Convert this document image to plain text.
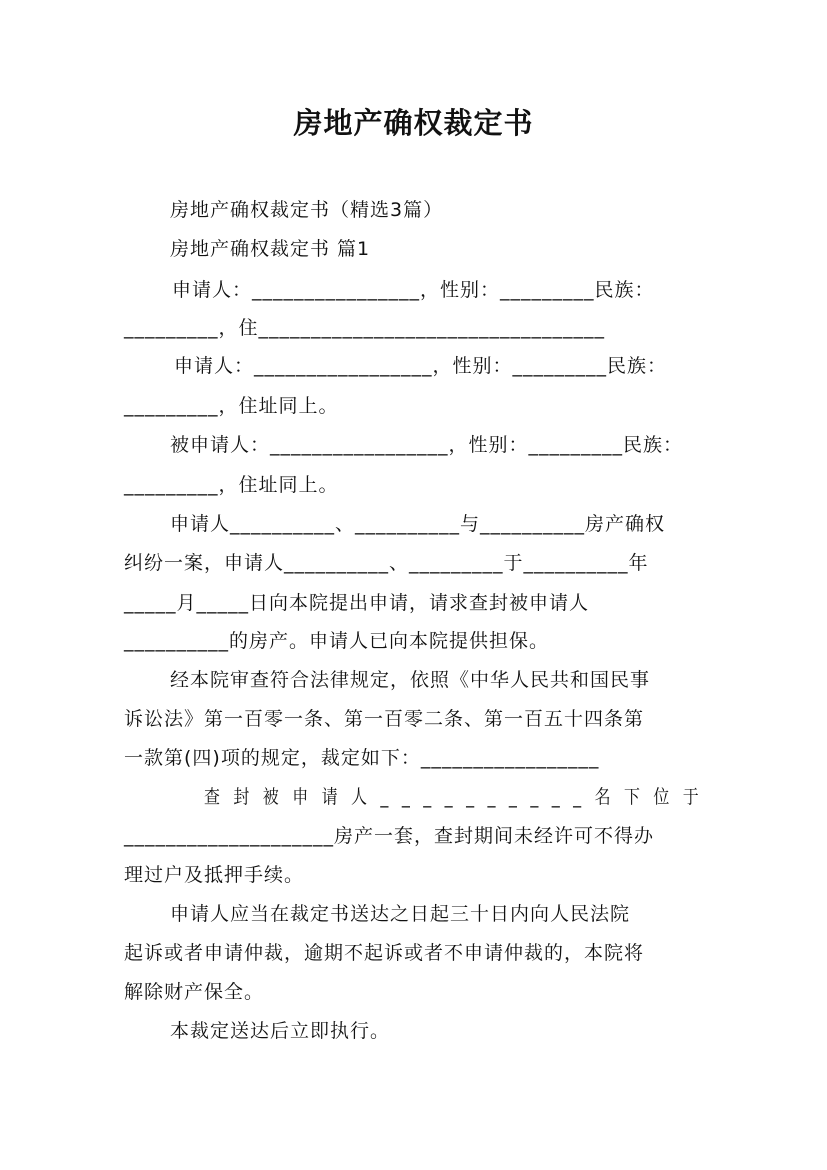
房地产确权裁定书
房地产确权裁定书（精选3篇）
房地产确权裁定书 篇1
申请人：________________，性别：_________民族：
_________，住_________________________________
申请人：_________________，性别：_________民族：
_________，住址同上。
被申请人：_________________，性别：_________民族：
_________，住址同上。
申请人__________、__________与__________房产确权
纠纷一案，申请人__________、_________于__________年
_____月_____日向本院提出申请，请求查封被申请人
__________的房产。申请人已向本院提供担保。
经本院审查符合法律规定，依照《中华人民共和国民事
诉讼法》第一百零一条、第一百零二条、第一百五十四条第
一款第(四)项的规定，裁定如下：_________________
查封被申请人__________名下位于
____________________房产一套，查封期间未经许可不得办
理过户及抵押手续。
申请人应当在裁定书送达之日起三十日内向人民法院
起诉或者申请仲裁，逾期不起诉或者不申请仲裁的，本院将
解除财产保全。
本裁定送达后立即执行。
